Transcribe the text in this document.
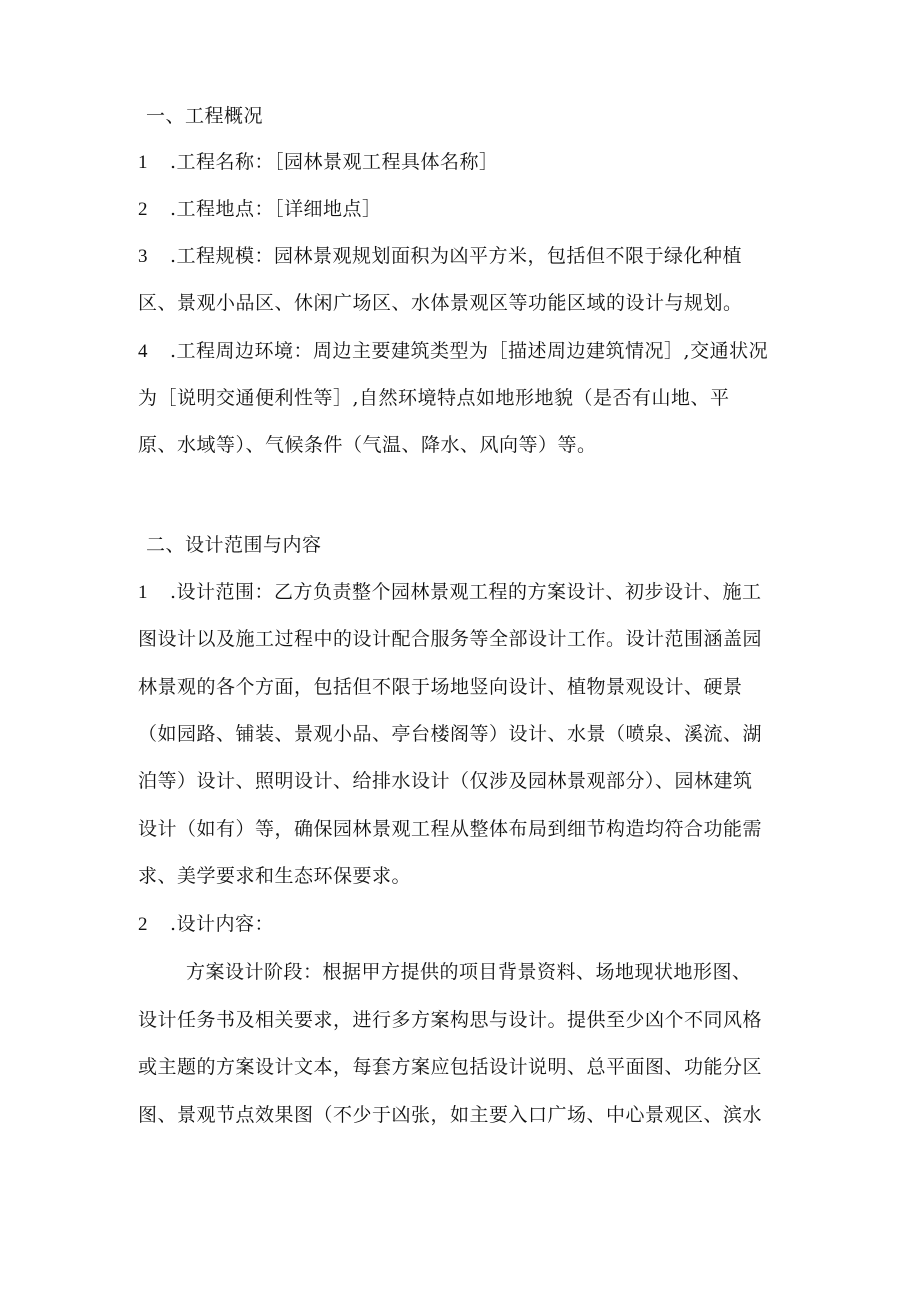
一、工程概况
1 .工程名称：［园林景观工程具体名称］
2 .工程地点：［详细地点］
3 .工程规模：园林景观规划面积为凶平方米，包括但不限于绿化种植
区、景观小品区、休闲广场区、水体景观区等功能区域的设计与规划。
4 .工程周边环境：周边主要建筑类型为［描述周边建筑情况］,交通状况
为［说明交通便利性等］,自然环境特点如地形地貌（是否有山地、平
原、水域等）、气候条件（气温、降水、风向等）等。
二、设计范围与内容
1 .设计范围：乙方负责整个园林景观工程的方案设计、初步设计、施工
图设计以及施工过程中的设计配合服务等全部设计工作。设计范围涵盖园
林景观的各个方面，包括但不限于场地竖向设计、植物景观设计、硬景
（如园路、铺装、景观小品、亭台楼阁等）设计、水景（喷泉、溪流、湖
泊等）设计、照明设计、给排水设计（仅涉及园林景观部分）、园林建筑
设计（如有）等，确保园林景观工程从整体布局到细节构造均符合功能需
求、美学要求和生态环保要求。
2 .设计内容：
方案设计阶段：根据甲方提供的项目背景资料、场地现状地形图、
设计任务书及相关要求，进行多方案构思与设计。提供至少凶个不同风格
或主题的方案设计文本，每套方案应包括设计说明、总平面图、功能分区
图、景观节点效果图（不少于凶张，如主要入口广场、中心景观区、滨水
